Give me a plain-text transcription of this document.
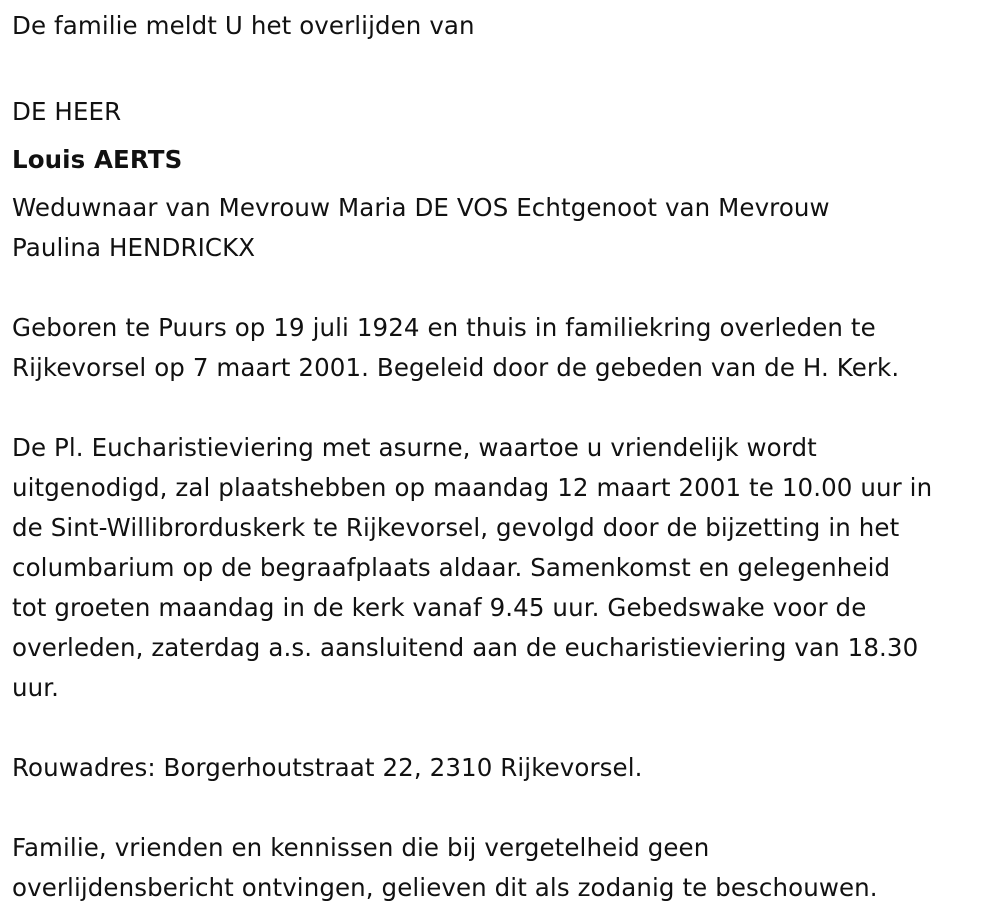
De familie meldt U het overlijden van

DE HEER

Louis AERTS

Weduwnaar van Mevrouw Maria DE VOS Echtgenoot van Mevrouw

Paulina HENDRICKX

Geboren te Puurs op 19 juli 1924 en thuis in familiekring overleden te

Rijkevorsel op 7 maart 2001. Begeleid door de gebeden van de H. Kerk.

De Pl. Eucharistieviering met asurne, waartoe u vriendelijk wordt

uitgenodigd, zal plaatshebben op maandag 12 maart 2001 te 10.00 uur in

de Sint-Willibrorduskerk te Rijkevorsel, gevolgd door de bijzetting in het

columbarium op de begraafplaats aldaar. Samenkomst en gelegenheid

tot groeten maandag in de kerk vanaf 9.45 uur. Gebedswake voor de

overleden, zaterdag a.s. aansluitend aan de eucharistieviering van 18.30

uur.

Rouwadres: Borgerhoutstraat 22, 2310 Rijkevorsel.

Familie, vrienden en kennissen die bij vergetelheid geen

overlijdensbericht ontvingen, gelieven dit als zodanig te beschouwen.
